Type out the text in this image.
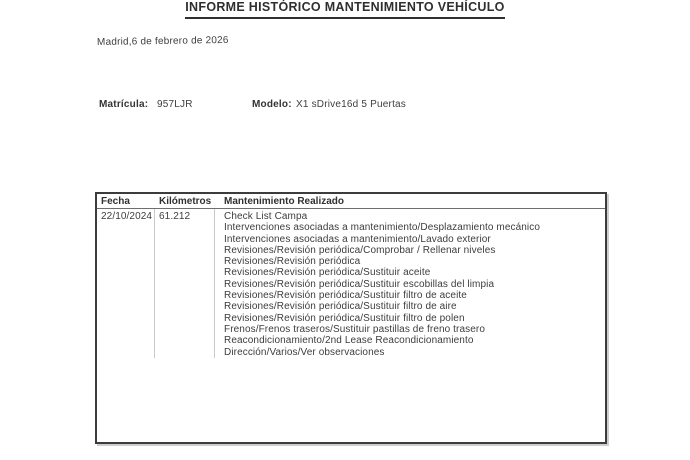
INFORME HISTÓRICO MANTENIMIENTO VEHÍCULO
Madrid,6 de febrero de 2026
Matrícula: 957LJR	Modelo: X1 sDrive16d 5 Puertas
Fecha	Kilómetros	Mantenimiento Realizado
22/10/2024 61.212	Check List Campa
Intervenciones asociadas a mantenimiento/Desplazamiento mecánico
Intervenciones asociadas a mantenimiento/Lavado exterior
Revisiones/Revisión periódica/Comprobar / Rellenar niveles
Revisiones/Revisión periódica
Revisiones/Revisión periódica/Sustituir aceite
Revisiones/Revisión periódica/Sustituir escobillas del limpia
Revisiones/Revisión periódica/Sustituir filtro de aceite
Revisiones/Revisión periódica/Sustituir filtro de aire
Revisiones/Revisión periódica/Sustituir filtro de polen
Frenos/Frenos traseros/Sustituir pastillas de freno trasero
Reacondicionamiento/2nd Lease Reacondicionamiento
Dirección/Varios/Ver observaciones
